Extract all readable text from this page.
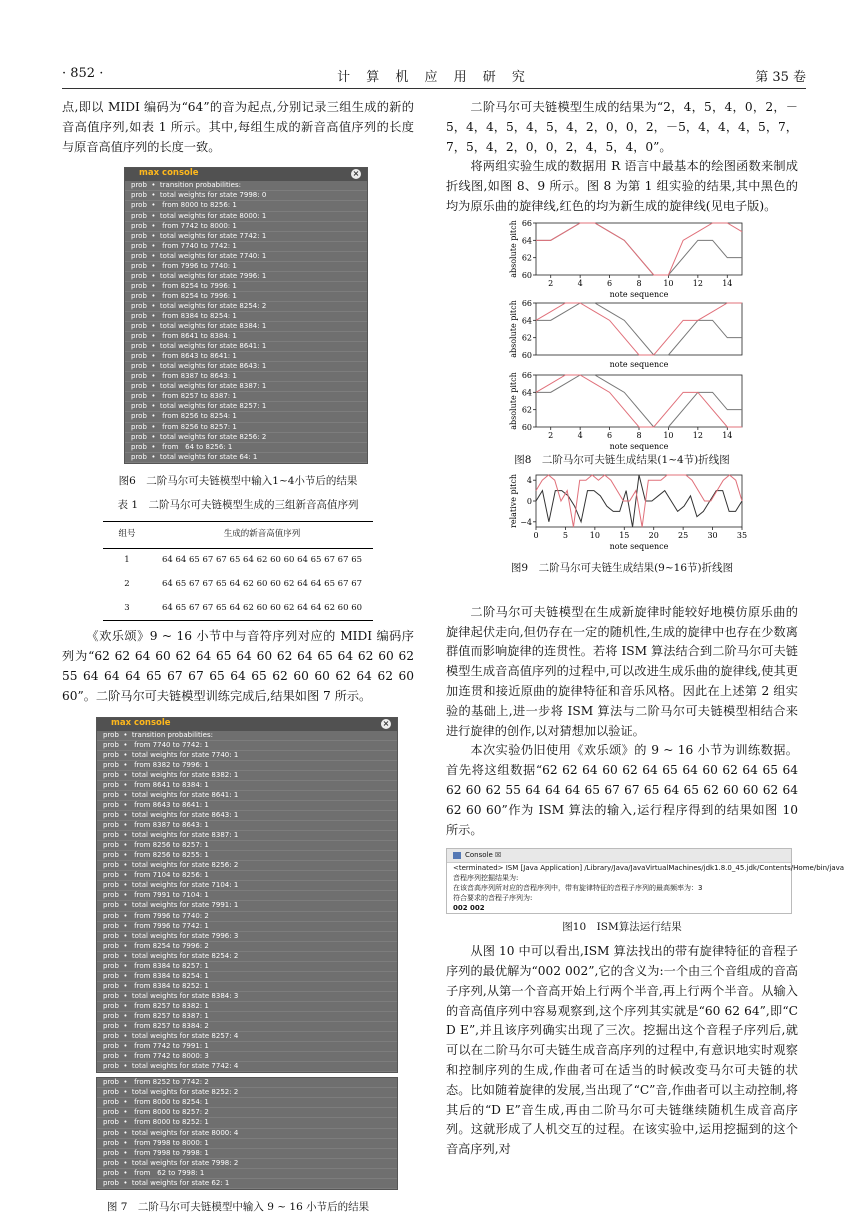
· 852 ·	计 算 机 应 用 研 究	第 35 卷

点,即以 MIDI 编码为“64”的音为起点,分别记录三组生成的新的音高值序列,如表 1 所示。其中,每组生成的新音高值序列的长度与原音高值序列的长度一致。

max console	×
prob  •  transition probabilities:
prob  •  total weights for state 7998: 0
prob  •   from 8000 to 8256: 1
prob  •  total weights for state 8000: 1
prob  •   from 7742 to 8000: 1
prob  •  total weights for state 7742: 1
prob  •   from 7740 to 7742: 1
prob  •  total weights for state 7740: 1
prob  •   from 7996 to 7740: 1
prob  •  total weights for state 7996: 1
prob  •   from 8254 to 7996: 1
prob  •   from 8254 to 7996: 1
prob  •  total weights for state 8254: 2
prob  •   from 8384 to 8254: 1
prob  •  total weights for state 8384: 1
prob  •   from 8641 to 8384: 1
prob  •  total weights for state 8641: 1
prob  •   from 8643 to 8641: 1
prob  •  total weights for state 8643: 1
prob  •   from 8387 to 8643: 1
prob  •  total weights for state 8387: 1
prob  •   from 8257 to 8387: 1
prob  •  total weights for state 8257: 1
prob  •   from 8256 to 8254: 1
prob  •   from 8256 to 8257: 1
prob  •  total weights for state 8256: 2
prob  •   from   64 to 8256: 1
prob  •  total weights for state 64: 1
图6　二阶马尔可夫链模型中输入1~4小节后的结果
表 1　二阶马尔可夫链模型生成的三组新音高值序列
组号	生成的新音高值序列
1	64 64 65 67 67 65 64 62 60 60 64 65 67 67 65
2	64 65 67 67 65 64 62 60 60 62 64 64 65 67 67
3	64 65 67 67 65 64 62 60 60 62 64 64 62 60 60

《欢乐颂》9 ~ 16 小节中与音符序列对应的 MIDI 编码序列为“62 62 64 60 62 64 65 64 60 62 64 65 64 62 60 62 55 64 64 64 65 67 67 65 64 65 62 60 60 62 64 62 60 60”。二阶马尔可夫链模型训练完成后,结果如图 7 所示。

max console	×
prob  •  transition probabilities:
prob  •   from 7740 to 7742: 1
prob  •  total weights for state 7740: 1
prob  •   from 8382 to 7996: 1
prob  •  total weights for state 8382: 1
prob  •   from 8641 to 8384: 1
prob  •  total weights for state 8641: 1
prob  •   from 8643 to 8641: 1
prob  •  total weights for state 8643: 1
prob  •   from 8387 to 8643: 1
prob  •  total weights for state 8387: 1
prob  •   from 8256 to 8257: 1
prob  •   from 8256 to 8255: 1
prob  •  total weights for state 8256: 2
prob  •   from 7104 to 8256: 1
prob  •  total weights for state 7104: 1
prob  •   from 7991 to 7104: 1
prob  •  total weights for state 7991: 1
prob  •   from 7996 to 7740: 2
prob  •   from 7996 to 7742: 1
prob  •  total weights for state 7996: 3
prob  •   from 8254 to 7996: 2
prob  •  total weights for state 8254: 2
prob  •   from 8384 to 8257: 1
prob  •   from 8384 to 8254: 1
prob  •   from 8384 to 8252: 1
prob  •  total weights for state 8384: 3
prob  •   from 8257 to 8382: 1
prob  •   from 8257 to 8387: 1
prob  •   from 8257 to 8384: 2
prob  •  total weights for state 8257: 4
prob  •   from 7742 to 7991: 1
prob  •   from 7742 to 8000: 3
prob  •  total weights for state 7742: 4
prob  •   from 8252 to 7742: 2
prob  •  total weights for state 8252: 2
prob  •   from 8000 to 8254: 1
prob  •   from 8000 to 8257: 2
prob  •   from 8000 to 8252: 1
prob  •  total weights for state 8000: 4
prob  •   from 7998 to 8000: 1
prob  •   from 7998 to 7998: 1
prob  •  total weights for state 7998: 2
prob  •   from   62 to 7998: 1
prob  •  total weights for state 62: 1
图 7　二阶马尔可夫链模型中输入 9 ~ 16 小节后的结果

二阶马尔可夫链模型生成的结果为“2，4，5，4，0，2，－5，4，4，5，4，5，4，2，0，0，2，－5，4，4，4，5，7，7，5，4，2，0，0，2，4，5，4，0”。

将两组实验生成的数据用 R 语言中最基本的绘图函数来制成折线图,如图 8、9 所示。图 8 为第 1 组实验的结果,其中黑色的均为原乐曲的旋律线,红色的均为新生成的旋律线(见电子版)。

60
62
64
66
2	4	6	8	10 12 14
absolute pitch
note sequence
60
62
64
66
absolute pitch
note sequence
60
62
64
66
2	4	6	8	10 12 14
absolute pitch
note sequence
图8　二阶马尔可夫链生成结果(1~4节)折线图
−4
0
4
0	5	10 15 20 25 30 35
relative pitch
note sequence
图9　二阶马尔可夫链生成结果(9~16节)折线图

二阶马尔可夫链模型在生成新旋律时能较好地模仿原乐曲的旋律起伏走向,但仍存在一定的随机性,生成的旋律中也存在少数离群值而影响旋律的连贯性。若将 ISM 算法结合到二阶马尔可夫链模型生成音高值序列的过程中,可以改进生成乐曲的旋律线,使其更加连贯和接近原曲的旋律特征和音乐风格。因此在上述第 2 组实验的基础上,进一步将 ISM 算法与二阶马尔可夫链模型相结合来进行旋律的创作,以对猜想加以验证。

本次实验仍旧使用《欢乐颂》的 9 ~ 16 小节为训练数据。首先将这组数据“62 62 64 60 62 64 65 64 60 62 64 65 64 62 60 62 55 64 64 64 65 67 67 65 64 65 62 60 60 62 64 62 60 60”作为 ISM 算法的输入,运行程序得到的结果如图 10 所示。

Console ☒
<terminated> ISM [Java Application] /Library/Java/JavaVirtualMachines/jdk1.8.0_45.jdk/Contents/Home/bin/java
音程序列挖掘结果为:
在该音高序列所对应的音程序列中，带有旋律特征的音程子序列的最高频率为：3
符合要求的音程子序列为:
002 002
图10　ISM算法运行结果

从图 10 中可以看出,ISM 算法找出的带有旋律特征的音程子序列的最优解为“002 002”,它的含义为:一个由三个音组成的音高子序列,从第一个音高开始上行两个半音,再上行两个半音。从输入的音高值序列中容易观察到,这个序列其实就是“60 62 64”,即“C D E”,并且该序列确实出现了三次。挖掘出这个音程子序列后,就可以在二阶马尔可夫链生成音高序列的过程中,有意识地实时观察和控制序列的生成,作曲者可在适当的时候改变马尔可夫链的状态。比如随着旋律的发展,当出现了“C”音,作曲者可以主动控制,将其后的“D E”音生成,再由二阶马尔可夫链继续随机生成音高序列。这就形成了人机交互的过程。在该实验中,运用挖掘到的这个音高序列,对
